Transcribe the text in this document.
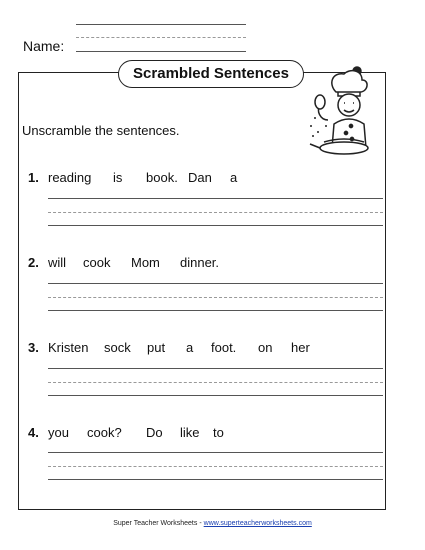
Name:
Scrambled Sentences
Unscramble the sentences.
1. reading is book. Dan a
2. will cook Mom dinner.
3. Kristen sock put a foot. on her
4. you cook? Do like to
Super Teacher Worksheets - www.superteacherworksheets.com
